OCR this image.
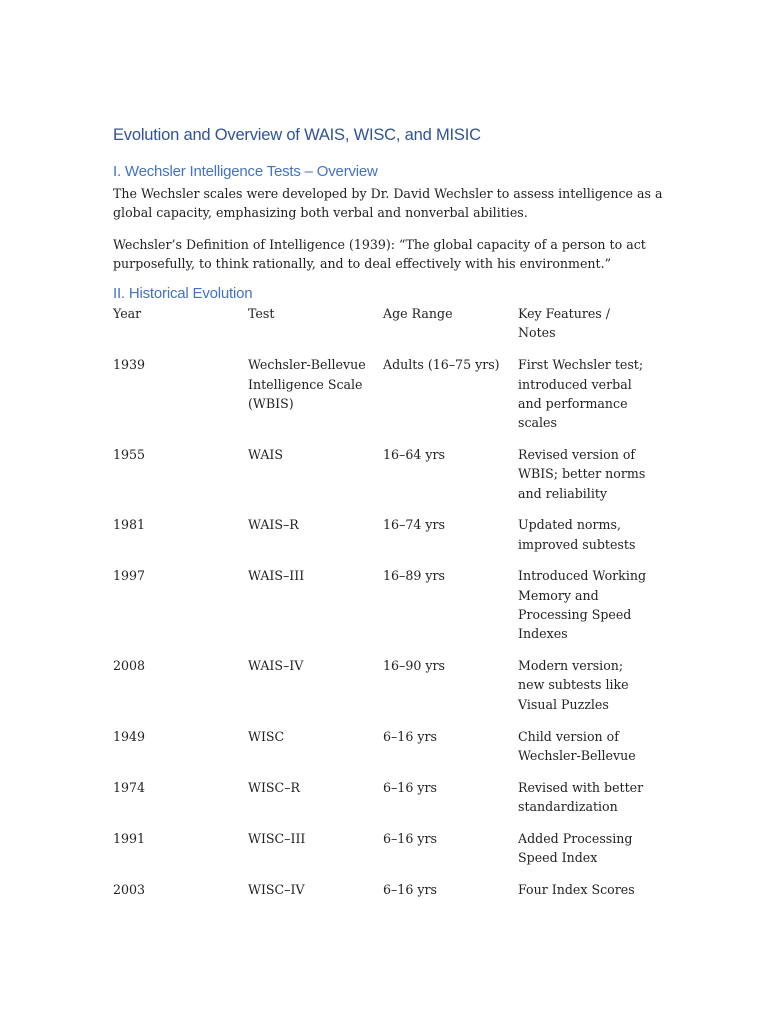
Evolution and Overview of WAIS, WISC, and MISIC
I. Wechsler Intelligence Tests – Overview

The Wechsler scales were developed by Dr. David Wechsler to assess intelligence as a global capacity, emphasizing both verbal and nonverbal abilities.

Wechsler’s Definition of Intelligence (1939): “The global capacity of a person to act purposefully, to think rationally, and to deal effectively with his environment.”

II. Historical Evolution
Year	Test	Age Range	Key Features / Notes

1939	Wechsler-Bellevue Intelligence Scale (WBIS)	Adults (16–75 yrs)	First Wechsler test; introduced verbal and performance scales

1955	WAIS	16–64 yrs	Revised version of WBIS; better norms and reliability

1981	WAIS–R	16–74 yrs	Updated norms, improved subtests

1997	WAIS–III	16–89 yrs	Introduced Working Memory and Processing Speed Indexes

2008	WAIS–IV	16–90 yrs	Modern version; new subtests like Visual Puzzles

1949	WISC	6–16 yrs	Child version of Wechsler-Bellevue

1974	WISC–R	6–16 yrs	Revised with better standardization

1991	WISC–III	6–16 yrs	Added Processing Speed Index

2003	WISC–IV	6–16 yrs	Four Index Scores
